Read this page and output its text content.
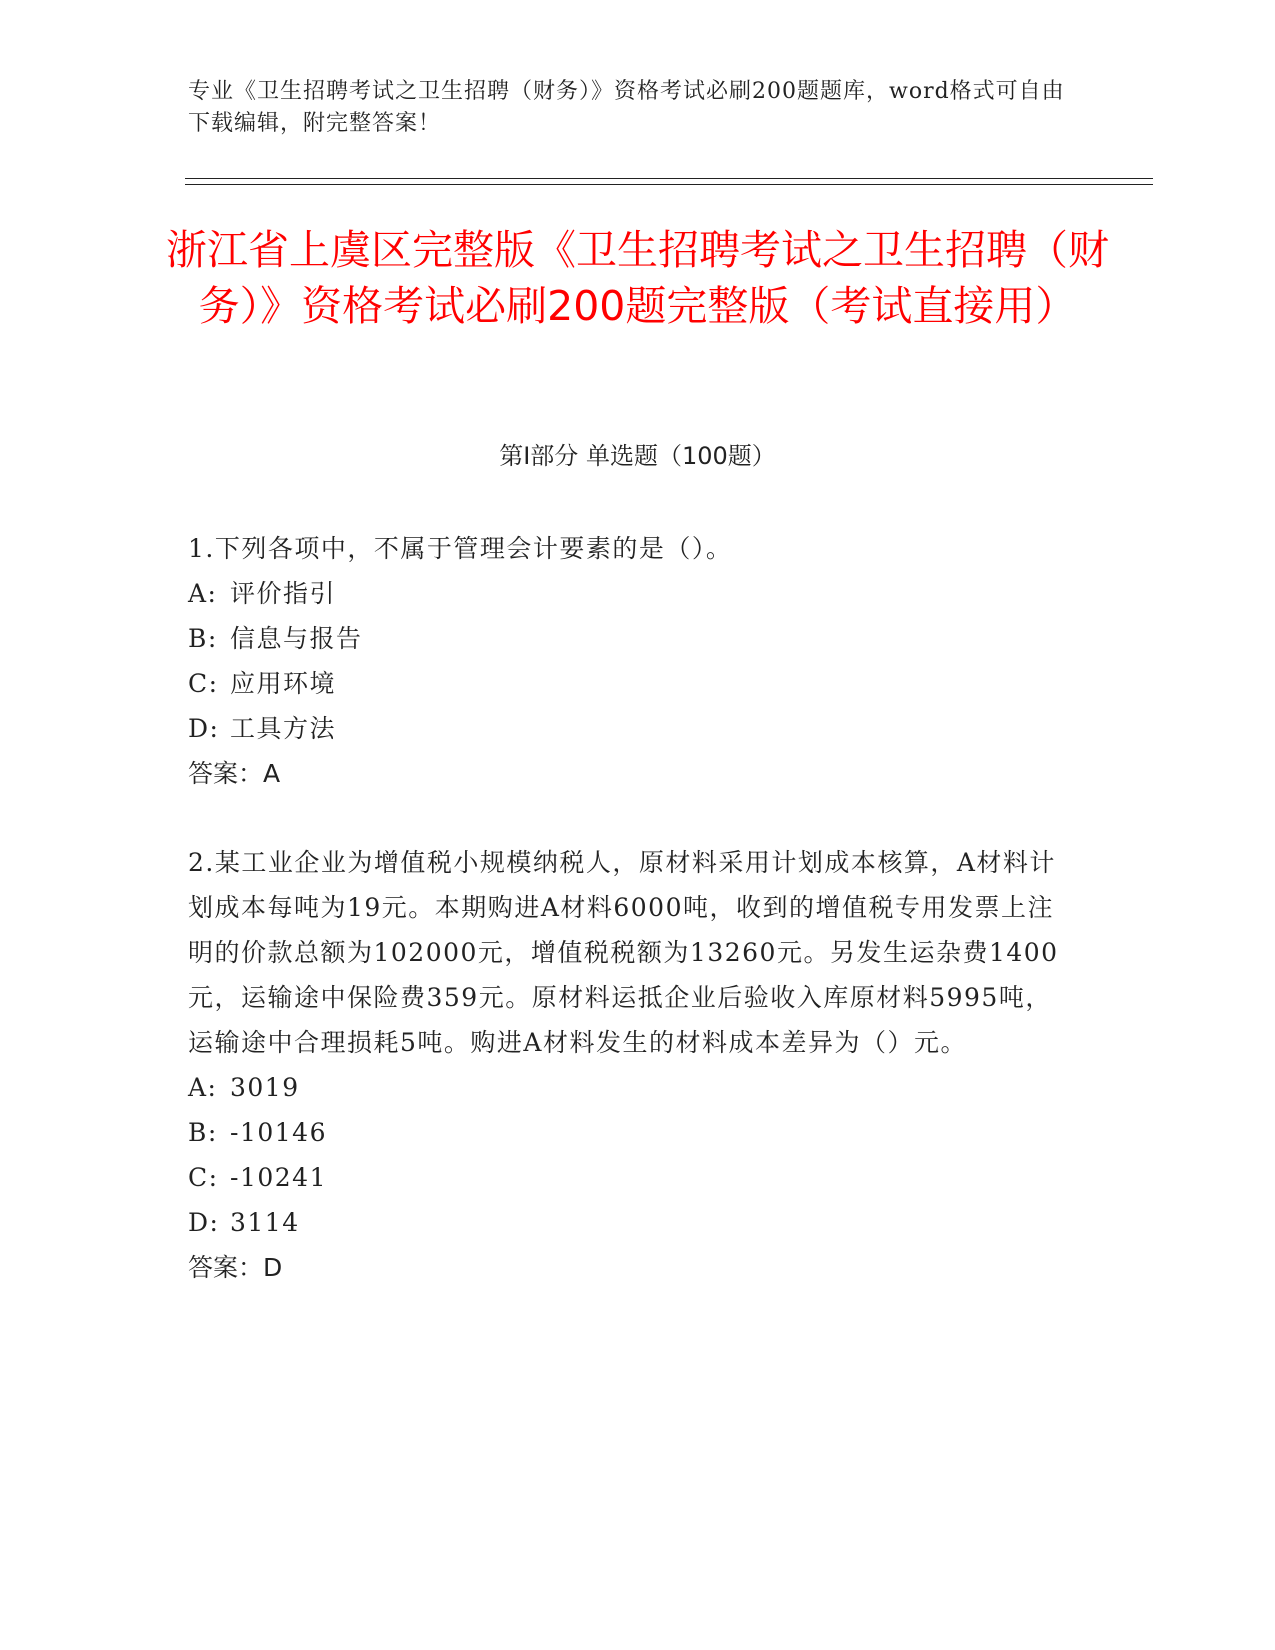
专业《卫生招聘考试之卫生招聘（财务）》资格考试必刷200题题库，word格式可自由下载编辑，附完整答案！
浙江省上虞区完整版《卫生招聘考试之卫生招聘（财务）》资格考试必刷200题完整版（考试直接用）
第Ⅰ部分 单选题（100题）

1.下列各项中，不属于管理会计要素的是（）。

A: 评价指引

B: 信息与报告

C: 应用环境

D: 工具方法

答案：A

2.某工业企业为增值税小规模纳税人，原材料采用计划成本核算，A材料计划成本每吨为19元。本期购进A材料6000吨，收到的增值税专用发票上注明的价款总额为102000元，增值税税额为13260元。另发生运杂费1400元，运输途中保险费359元。原材料运抵企业后验收入库原材料5995吨，运输途中合理损耗5吨。购进A材料发生的材料成本差异为（）元。

A: 3019

B: -10146

C: -10241

D: 3114

答案：D
